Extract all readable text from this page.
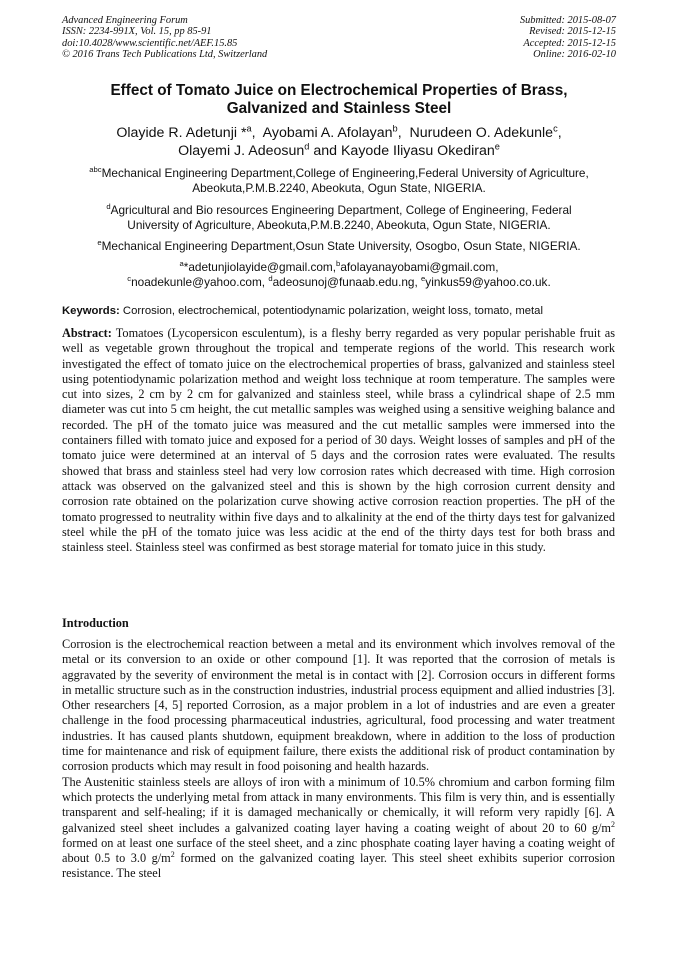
Advanced Engineering Forum
ISSN: 2234-991X, Vol. 15, pp 85-91
doi:10.4028/www.scientific.net/AEF.15.85
© 2016 Trans Tech Publications Ltd, Switzerland
Submitted: 2015-08-07
Revised: 2015-12-15
Accepted: 2015-12-15
Online: 2016-02-10
Effect of Tomato Juice on Electrochemical Properties of Brass,
Galvanized and Stainless Steel
Olayide R. Adetunji *$^a$,  Ayobami A. Afolayan$^b$,  Nurudeen O. Adekunle$^c$,
Olayemi J. Adeosun$^d$ and Kayode Iliyasu Okediran$^e$
$^{abc}$Mechanical Engineering Department,College of Engineering,Federal University of Agriculture,
Abeokuta,P.M.B.2240, Abeokuta, Ogun State, NIGERIA.
$^d$Agricultural and Bio resources Engineering Department, College of Engineering, Federal
University of Agriculture, Abeokuta,P.M.B.2240, Abeokuta, Ogun State, NIGERIA.
$^e$Mechanical Engineering Department,Osun State University, Osogbo, Osun State, NIGERIA.
$^a$*adetunjiolayide@gmail.com,$^b$afolayanayobami@gmail.com,
$^c$noadekunle@yahoo.com, $^d$adeosunoj@funaab.edu.ng, $^e$yinkus59@yahoo.co.uk.
Keywords: Corrosion, electrochemical, potentiodynamic polarization, weight loss, tomato, metal
Abstract: Tomatoes (Lycopersicon esculentum), is a fleshy berry regarded as very popular perishable fruit as well as vegetable grown throughout the tropical and temperate regions of the world. This research work investigated the effect of tomato juice on the electrochemical properties of brass, galvanized and stainless steel using potentiodynamic polarization method and weight loss technique at room temperature. The samples were cut into sizes, 2 cm by 2 cm for galvanized and stainless steel, while brass a cylindrical shape of 2.5 mm diameter was cut into 5 cm height, the cut metallic samples was weighed using a sensitive weighing balance and recorded. The pH of the tomato juice was measured and the cut metallic samples were immersed into the containers filled with tomato juice and exposed for a period of 30 days. Weight losses of samples and pH of the tomato juice were determined at an interval of 5 days and the corrosion rates were evaluated. The results showed that brass and stainless steel had very low corrosion rates which decreased with time. High corrosion attack was observed on the galvanized steel and this is shown by the high corrosion current density and corrosion rate obtained on the polarization curve showing active corrosion reaction properties. The pH of the tomato progressed to neutrality within five days and to alkalinity at the end of the thirty days test for galvanized steel while the pH of the tomato juice was less acidic at the end of the thirty days test for both brass and stainless steel. Stainless steel was confirmed as best storage material for tomato juice in this study.
Introduction

Corrosion is the electrochemical reaction between a metal and its environment which involves removal of the metal or its conversion to an oxide or other compound [1]. It was reported that the corrosion of metals is aggravated by the severity of environment the metal is in contact with [2]. Corrosion occurs in different forms in metallic structure such as in the construction industries, industrial process equipment and allied industries [3]. Other researchers [4, 5] reported Corrosion, as a major problem in a lot of industries and are even a greater challenge in the food processing pharmaceutical industries, agricultural, food processing and water treatment industries. It has caused plants shutdown, equipment breakdown, where in addition to the loss of production time for maintenance and risk of equipment failure, there exists the additional risk of product contamination by corrosion products which may result in food poisoning and health hazards.

The Austenitic stainless steels are alloys of iron with a minimum of 10.5% chromium and carbon forming film which protects the underlying metal from attack in many environments. This film is very thin, and is essentially transparent and self-healing; if it is damaged mechanically or chemically, it will reform very rapidly [6]. A galvanized steel sheet includes a galvanized coating layer having a coating weight of about 20 to 60 $g/m^2$ formed on at least one surface of the steel sheet, and a zinc phosphate coating layer having a coating weight of about 0.5 to 3.0 $g/m^2$ formed on the galvanized coating layer. This steel sheet exhibits superior corrosion resistance. The steel
